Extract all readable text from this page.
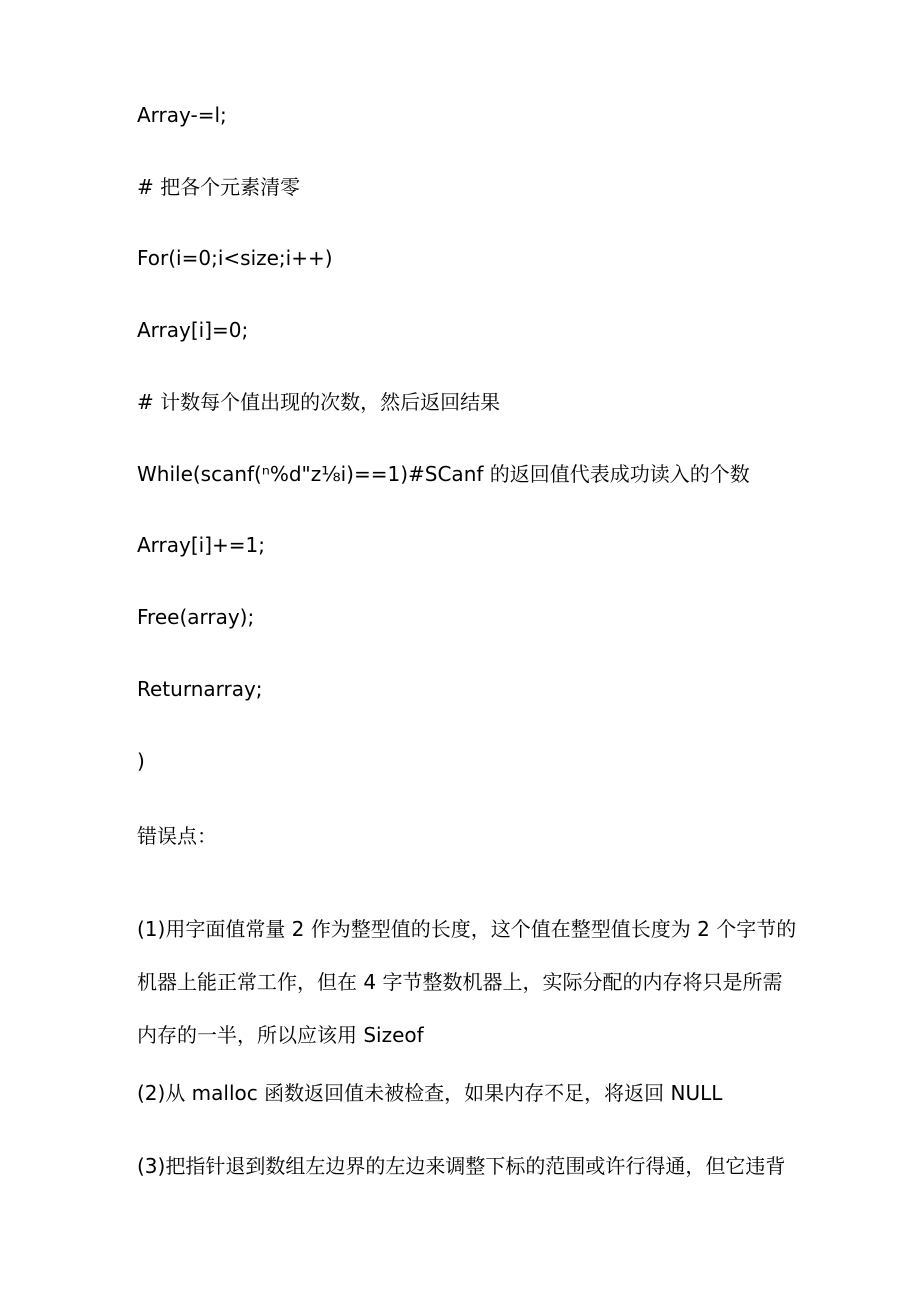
Array-=l;
# 把各个元素清零
For(i=0;i<size;i++)
Array[i]=0;
# 计数每个值出现的次数，然后返回结果
While(scanf(ⁿ%d"z⅛i)==1)#SCanf 的返回值代表成功读入的个数
Array[i]+=1;
Free(array);
Returnarray;
)
错误点：
(1)用字面值常量 2 作为整型值的长度，这个值在整型值长度为 2 个字节的
机器上能正常工作，但在 4 字节整数机器上，实际分配的内存将只是所需
内存的一半，所以应该用 Sizeof
(2)从 malloc 函数返回值未被检查，如果内存不足，将返回 NULL
(3)把指针退到数组左边界的左边来调整下标的范围或许行得通，但它违背
